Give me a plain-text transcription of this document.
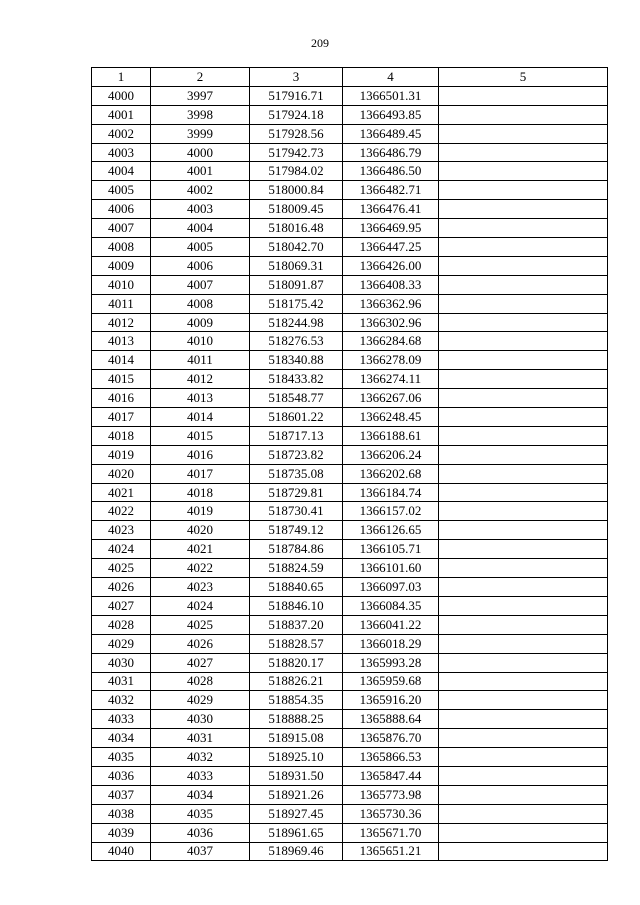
209
1	2	3	4	5
4000	3997	517916.71	1366501.31	
4001	3998	517924.18	1366493.85	
4002	3999	517928.56	1366489.45	
4003	4000	517942.73	1366486.79	
4004	4001	517984.02	1366486.50	
4005	4002	518000.84	1366482.71	
4006	4003	518009.45	1366476.41	
4007	4004	518016.48	1366469.95	
4008	4005	518042.70	1366447.25	
4009	4006	518069.31	1366426.00	
4010	4007	518091.87	1366408.33	
4011	4008	518175.42	1366362.96	
4012	4009	518244.98	1366302.96	
4013	4010	518276.53	1366284.68	
4014	4011	518340.88	1366278.09	
4015	4012	518433.82	1366274.11	
4016	4013	518548.77	1366267.06	
4017	4014	518601.22	1366248.45	
4018	4015	518717.13	1366188.61	
4019	4016	518723.82	1366206.24	
4020	4017	518735.08	1366202.68	
4021	4018	518729.81	1366184.74	
4022	4019	518730.41	1366157.02	
4023	4020	518749.12	1366126.65	
4024	4021	518784.86	1366105.71	
4025	4022	518824.59	1366101.60	
4026	4023	518840.65	1366097.03	
4027	4024	518846.10	1366084.35	
4028	4025	518837.20	1366041.22	
4029	4026	518828.57	1366018.29	
4030	4027	518820.17	1365993.28	
4031	4028	518826.21	1365959.68	
4032	4029	518854.35	1365916.20	
4033	4030	518888.25	1365888.64	
4034	4031	518915.08	1365876.70	
4035	4032	518925.10	1365866.53	
4036	4033	518931.50	1365847.44	
4037	4034	518921.26	1365773.98	
4038	4035	518927.45	1365730.36	
4039	4036	518961.65	1365671.70	
4040	4037	518969.46	1365651.21	
